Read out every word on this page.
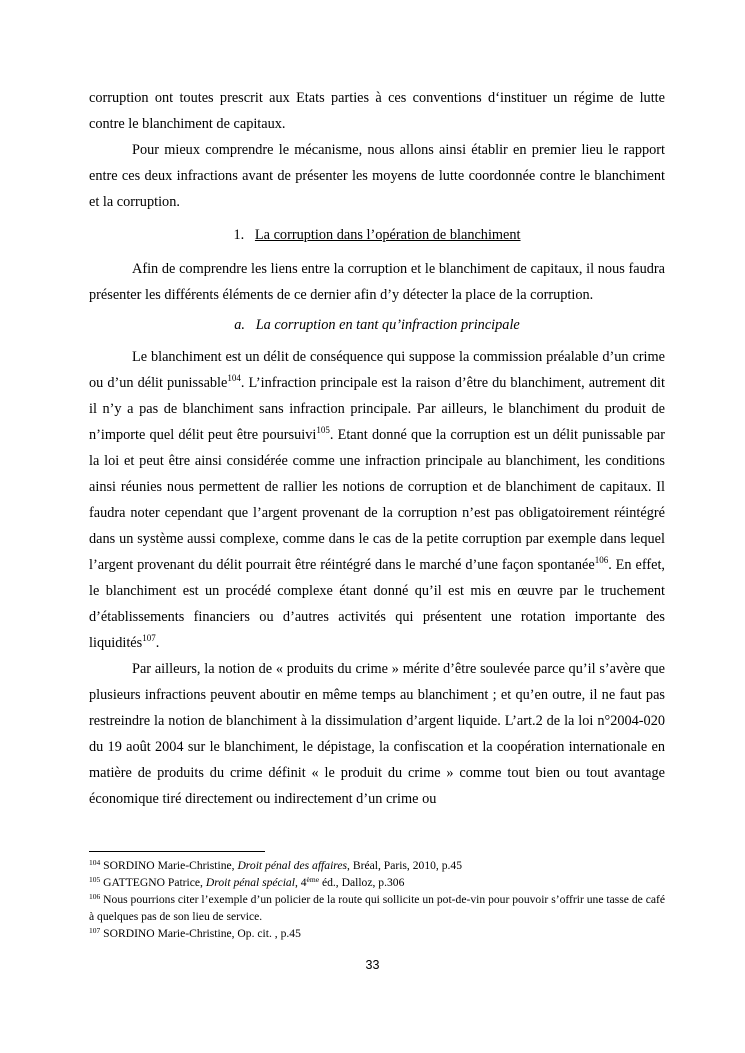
corruption ont toutes prescrit aux Etats parties à ces conventions d‘instituer un régime de lutte contre le blanchiment de capitaux.

Pour mieux comprendre le mécanisme, nous allons ainsi établir en premier lieu le rapport entre ces deux infractions avant de présenter les moyens de lutte coordonnée contre le blanchiment et la corruption.

1. La corruption dans l’opération de blanchiment

Afin de comprendre les liens entre la corruption et le blanchiment de capitaux, il nous faudra présenter les différents éléments de ce dernier afin d’y détecter la place de la corruption.

a. La corruption en tant qu’infraction principale

Le blanchiment est un délit de conséquence qui suppose la commission préalable d’un crime ou d’un délit punissable$^{104}$. L’infraction principale est la raison d’être du blanchiment, autrement dit il n’y a pas de blanchiment sans infraction principale. Par ailleurs, le blanchiment du produit de n’importe quel délit peut être poursuivi$^{105}$. Etant donné que la corruption est un délit punissable par la loi et peut être ainsi considérée comme une infraction principale au blanchiment, les conditions ainsi réunies nous permettent de rallier les notions de corruption et de blanchiment de capitaux. Il faudra noter cependant que l’argent provenant de la corruption n’est pas obligatoirement réintégré dans un système aussi complexe, comme dans le cas de la petite corruption par exemple dans lequel l’argent provenant du délit pourrait être réintégré dans le marché d’une façon spontanée$^{106}$. En effet, le blanchiment est un procédé complexe étant donné qu’il est mis en œuvre par le truchement d’établissements financiers ou d’autres activités qui présentent une rotation importante des liquidités$^{107}$.

Par ailleurs, la notion de « produits du crime » mérite d’être soulevée parce qu’il s’avère que plusieurs infractions peuvent aboutir en même temps au blanchiment ; et qu’en outre, il ne faut pas restreindre la notion de blanchiment à la dissimulation d’argent liquide. L’art.2 de la loi n°2004-020 du 19 août 2004 sur le blanchiment, le dépistage, la confiscation et la coopération internationale en matière de produits du crime définit « le produit du crime » comme tout bien ou tout avantage économique tiré directement ou indirectement d’un crime ou

$^{104}$ SORDINO Marie-Christine, Droit pénal des affaires, Bréal, Paris, 2010, p.45

$^{105}$ GATTEGNO Patrice, Droit pénal spécial, 4ème éd., Dalloz, p.306

$^{106}$ Nous pourrions citer l’exemple d’un policier de la route qui sollicite un pot-de-vin pour pouvoir s’offrir une tasse de café à quelques pas de son lieu de service.

$^{107}$ SORDINO Marie-Christine, Op. cit. , p.45

33
